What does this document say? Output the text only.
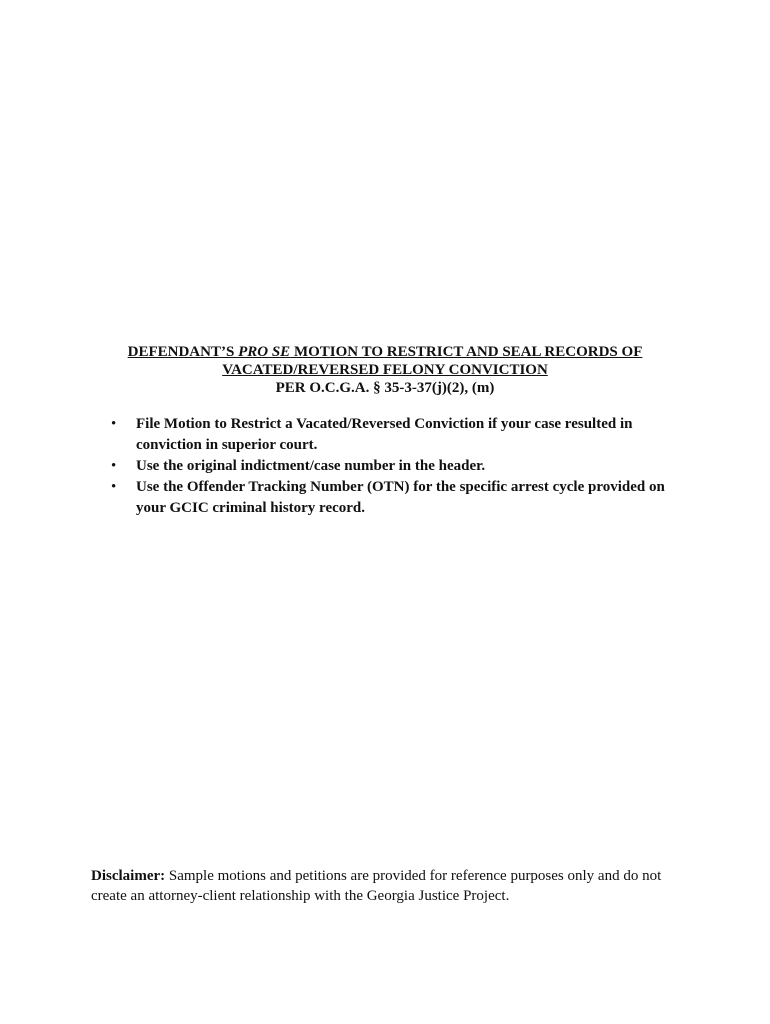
DEFENDANT’S PRO SE MOTION TO RESTRICT AND SEAL RECORDS OF
VACATED/REVERSED FELONY CONVICTION
PER O.C.G.A. § 35-3-37(j)(2), (m)
• File Motion to Restrict a Vacated/Reversed Conviction if your case resulted in conviction in superior court.
• Use the original indictment/case number in the header.
• Use the Offender Tracking Number (OTN) for the specific arrest cycle provided on your GCIC criminal history record.
Disclaimer: Sample motions and petitions are provided for reference purposes only and do not create an attorney-client relationship with the Georgia Justice Project.
